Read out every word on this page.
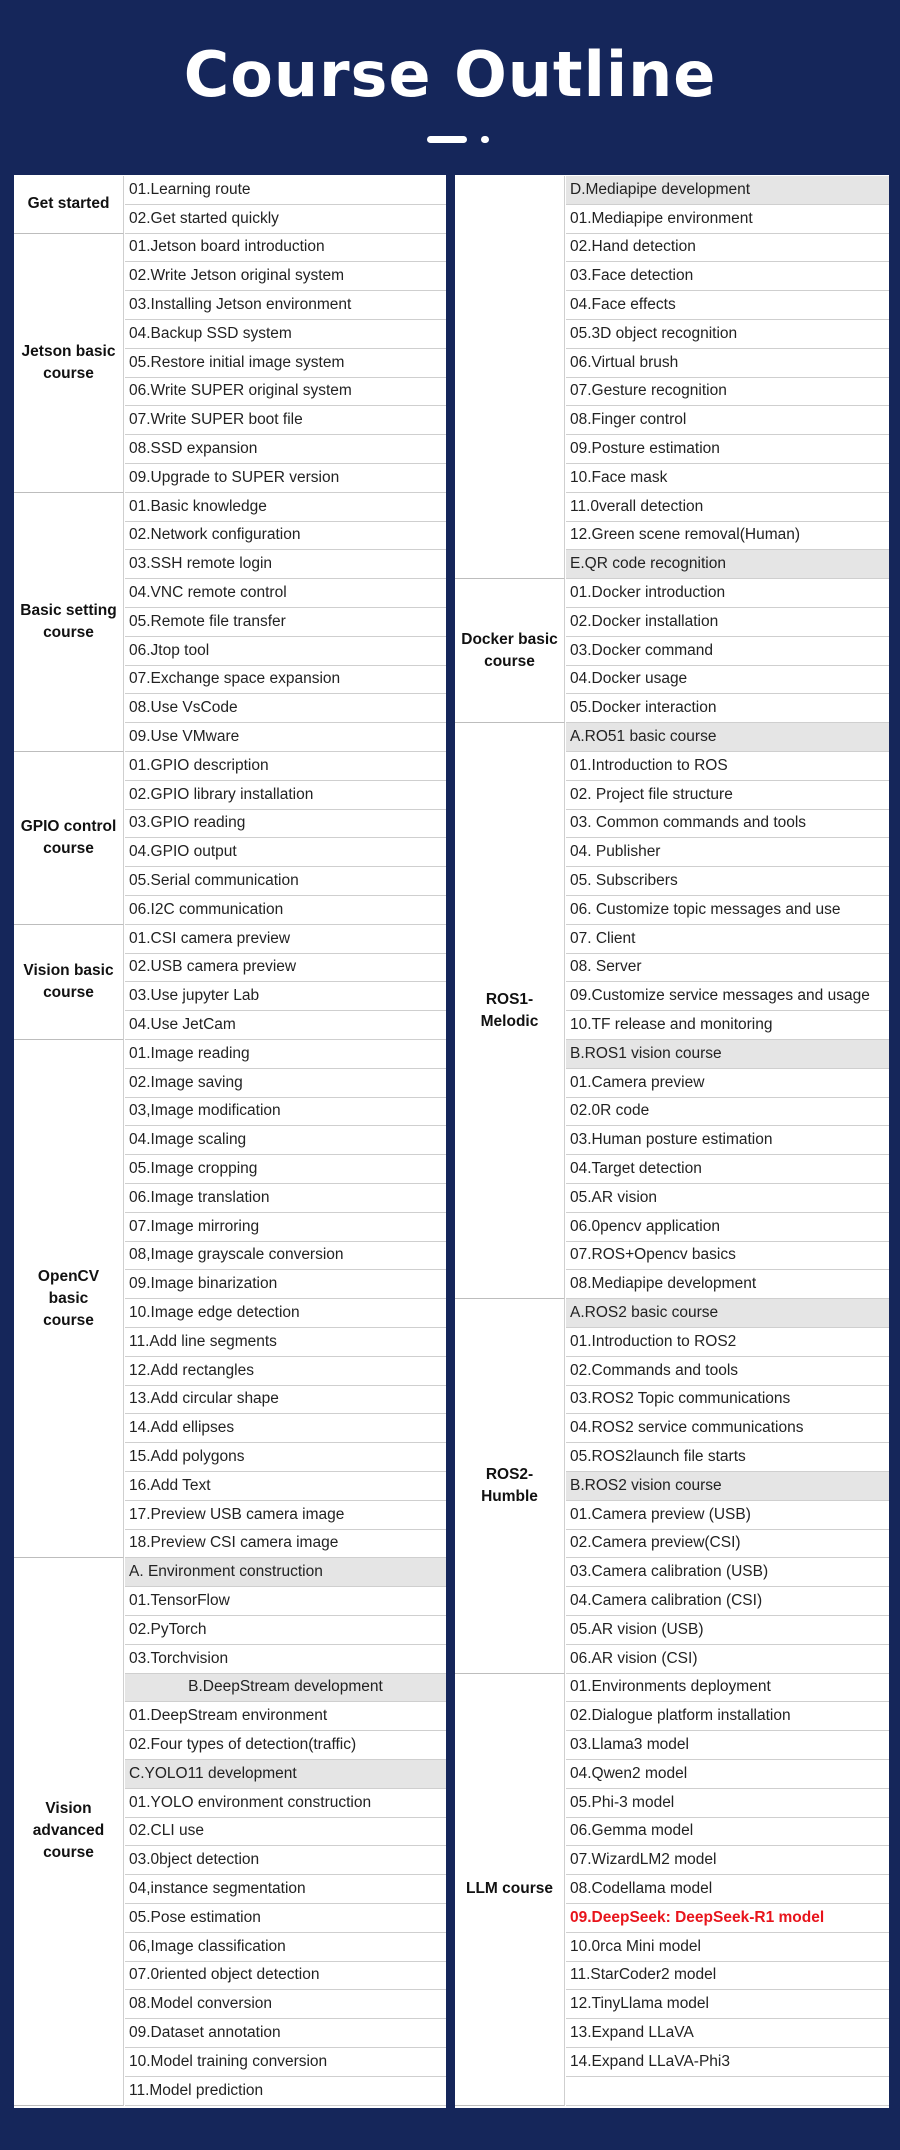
Course Outline
Get started
01.Learning route
02.Get started quickly
Jetson basic
course
01.Jetson board introduction
02.Write Jetson original system
03.Installing Jetson environment
04.Backup SSD system
05.Restore initial image system
06.Write SUPER original system
07.Write SUPER boot file
08.SSD expansion
09.Upgrade to SUPER version
Basic setting
course
01.Basic knowledge
02.Network configuration
03.SSH remote login
04.VNC remote control
05.Remote file transfer
06.Jtop tool
07.Exchange space expansion
08.Use VsCode
09.Use VMware
GPIO control
course
01.GPIO description
02.GPIO library installation
03.GPIO reading
04.GPIO output
05.Serial communication
06.I2C communication
Vision basic
course
01.CSI camera preview
02.USB camera preview
03.Use jupyter Lab
04.Use JetCam
OpenCV basic
course
01.Image reading
02.Image saving
03,Image modification
04.Image scaling
05.Image cropping
06.Image translation
07.Image mirroring
08,Image grayscale conversion
09.Image binarization
10.Image edge detection
11.Add line segments
12.Add rectangles
13.Add circular shape
14.Add ellipses
15.Add polygons
16.Add Text
17.Preview USB camera image
18.Preview CSI camera image
Vision
advanced
course
A. Environment construction
01.TensorFlow
02.PyTorch
03.Torchvision
B.DeepStream development
01.DeepStream environment
02.Four types of detection(traffic)
C.YOLO11 development
01.YOLO environment construction
02.CLI use
03.0bject detection
04,instance segmentation
05.Pose estimation
06,Image classification
07.0riented object detection
08.Model conversion
09.Dataset annotation
10.Model training conversion
11.Model prediction
D.Mediapipe development
01.Mediapipe environment
02.Hand detection
03.Face detection
04.Face effects
05.3D object recognition
06.Virtual brush
07.Gesture recognition
08.Finger control
09.Posture estimation
10.Face mask
11.0verall detection
12.Green scene removal(Human)
E.QR code recognition
Docker basic
course
01.Docker introduction
02.Docker installation
03.Docker command
04.Docker usage
05.Docker interaction
ROS1-Melodic
A.RO51 basic course
01.Introduction to ROS
02. Project file structure
03. Common commands and tools
04. Publisher
05. Subscribers
06. Customize topic messages and use
07. Client
08. Server
09.Customize service messages and usage
10.TF release and monitoring
B.ROS1 vision course
01.Camera preview
02.0R code
03.Human posture estimation
04.Target detection
05.AR vision
06.0pencv application
07.ROS+Opencv basics
08.Mediapipe development
ROS2-Humble
A.ROS2 basic course
01.Introduction to ROS2
02.Commands and tools
03.ROS2 Topic communications
04.ROS2 service communications
05.ROS2launch file starts
B.ROS2 vision course
01.Camera preview (USB)
02.Camera preview(CSI)
03.Camera calibration (USB)
04.Camera calibration (CSI)
05.AR vision (USB)
06.AR vision (CSI)
LLM course
01.Environments deployment
02.Dialogue platform installation
03.Llama3 model
04.Qwen2 model
05.Phi-3 model
06.Gemma model
07.WizardLM2 model
08.Codellama model
09.DeepSeek: DeepSeek-R1 model
10.0rca Mini model
11.StarCoder2 model
12.TinyLlama model
13.Expand LLaVA
14.Expand LLaVA-Phi3
